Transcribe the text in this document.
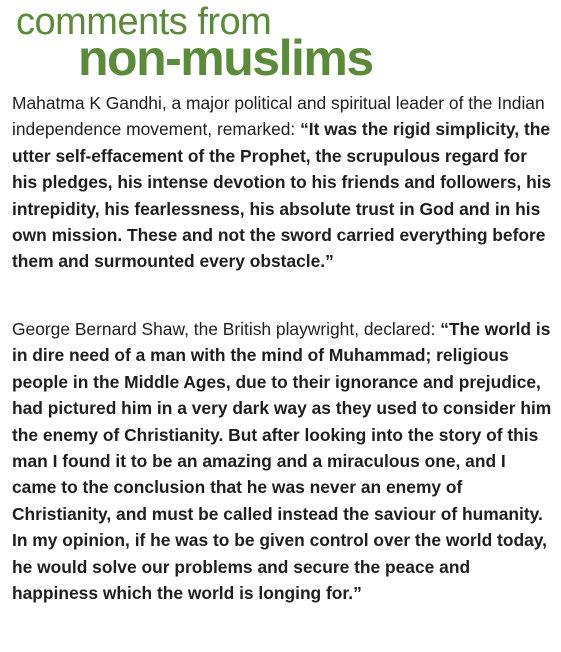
comments from
non-muslims

Mahatma K Gandhi, a major political and spiritual leader of the Indian independence movement, remarked: “It was the rigid simplicity, the utter self-effacement of the Prophet, the scrupulous regard for his pledges, his intense devotion to his friends and followers, his intrepidity, his fearlessness, his absolute trust in God and in his own mission. These and not the sword carried everything before them and surmounted every obstacle.”

George Bernard Shaw, the British playwright, declared: “The world is in dire need of a man with the mind of Muhammad; religious people in the Middle Ages, due to their ignorance and prejudice, had pictured him in a very dark way as they used to consider him the enemy of Christianity. But after looking into the story of this man I found it to be an amazing and a miraculous one, and I came to the conclusion that he was never an enemy of Christianity, and must be called instead the saviour of humanity. In my opinion, if he was to be given control over the world today, he would solve our problems and secure the peace and happiness which the world is longing for.”
